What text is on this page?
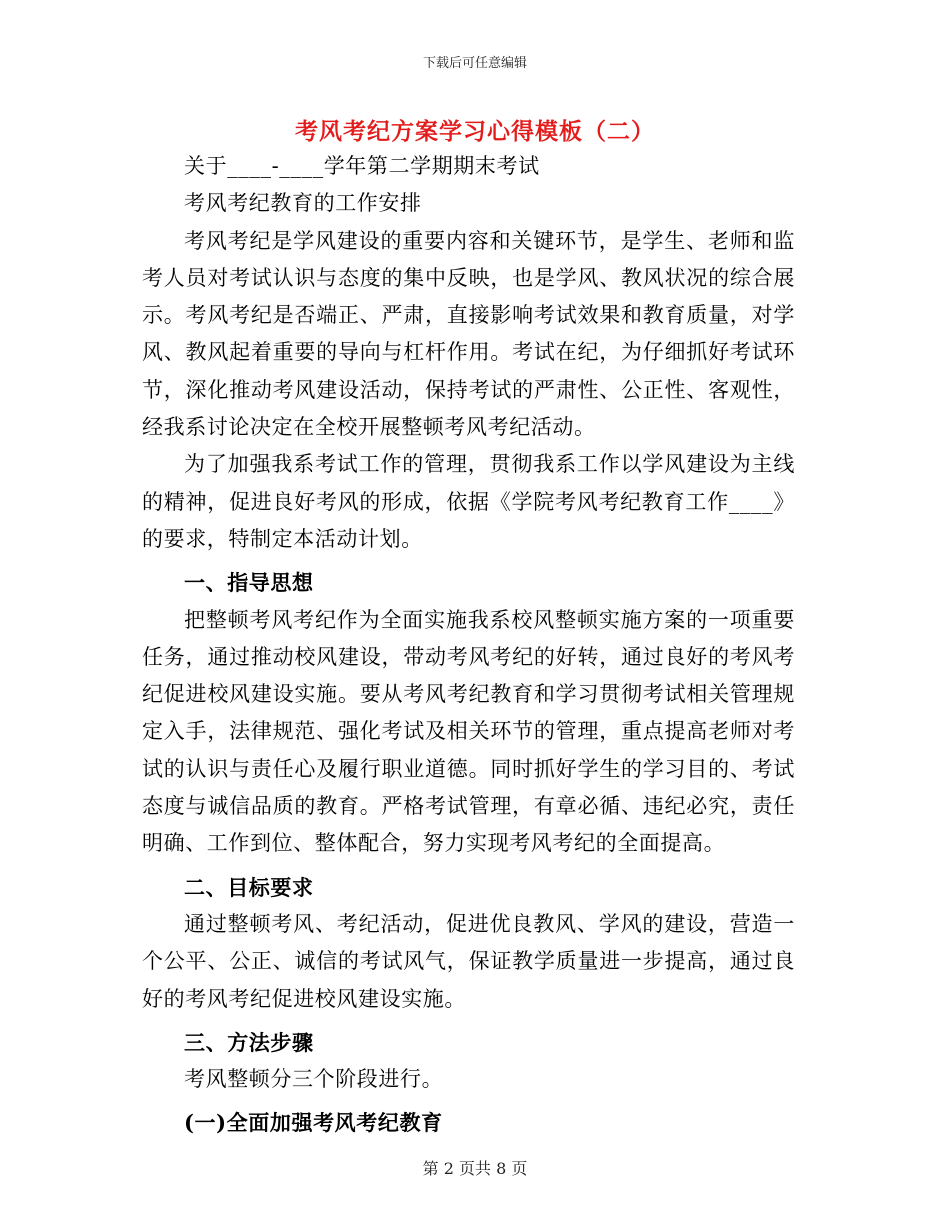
下载后可任意编辑
考风考纪方案学习心得模板（二）

关于____-____学年第二学期期末考试

考风考纪教育的工作安排

考风考纪是学风建设的重要内容和关键环节，是学生、老师和监考人员对考试认识与态度的集中反映，也是学风、教风状况的综合展示。考风考纪是否端正、严肃，直接影响考试效果和教育质量，对学风、教风起着重要的导向与杠杆作用。考试在纪，为仔细抓好考试环节，深化推动考风建设活动，保持考试的严肃性、公正性、客观性，经我系讨论决定在全校开展整顿考风考纪活动。

为了加强我系考试工作的管理，贯彻我系工作以学风建设为主线的精神，促进良好考风的形成，依据《学院考风考纪教育工作____》的要求，特制定本活动计划。

一、指导思想

把整顿考风考纪作为全面实施我系校风整顿实施方案的一项重要任务，通过推动校风建设，带动考风考纪的好转，通过良好的考风考纪促进校风建设实施。要从考风考纪教育和学习贯彻考试相关管理规定入手，法律规范、强化考试及相关环节的管理，重点提高老师对考试的认识与责任心及履行职业道德。同时抓好学生的学习目的、考试态度与诚信品质的教育。严格考试管理，有章必循、违纪必究，责任明确、工作到位、整体配合，努力实现考风考纪的全面提高。

二、目标要求

通过整顿考风、考纪活动，促进优良教风、学风的建设，营造一个公平、公正、诚信的考试风气，保证教学质量进一步提高，通过良好的考风考纪促进校风建设实施。

三、方法步骤

考风整顿分三个阶段进行。

(一)全面加强考风考纪教育

第 2 页共 8 页
